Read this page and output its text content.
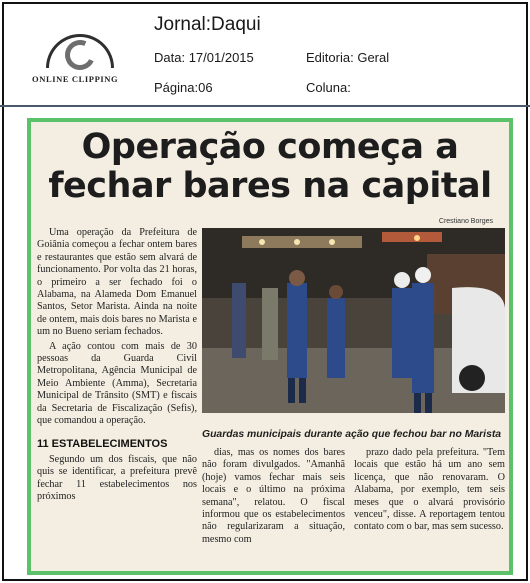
ONLINE CLIPPING
Jornal:Daqui
Data: 17/01/2015	Editoria: Geral
Página:06	Coluna:
Operação começa a fechar bares na capital
Crestiano Borges

Uma operação da Prefeitura de Goiânia começou a fechar ontem bares e restaurantes que estão sem alvará de funcionamento. Por volta das 21 horas, o primeiro a ser fechado foi o Alabama, na Alameda Dom Emanuel Santos, Setor Marista. Ainda na noite de ontem, mais dois bares no Marista e um no Bueno seriam fechados.

A ação contou com mais de 30 pessoas da Guarda Civil Metropolitana, Agência Municipal de Meio Ambiente (Amma), Secretaria Municipal de Trânsito (SMT) e fiscais da Secretaria de Fiscalização (Sefis), que comandou a operação.

11 ESTABELECIMENTOS

Segundo um dos fiscais, que não quis se identificar, a prefeitura prevê fechar 11 estabelecimentos nos próximos

Guardas municipais durante ação que fechou bar no Marista

dias, mas os nomes dos bares não foram divulgados. "Amanhã (hoje) vamos fechar mais seis locais e o último na próxima semana", relatou. O fiscal informou que os estabelecimentos não regularizaram a situação, mesmo com

prazo dado pela prefeitura. "Tem locais que estão há um ano sem licença, que não renovaram. O Alabama, por exemplo, tem seis meses que o alvará provisório venceu", disse. A reportagem tentou contato com o bar, mas sem sucesso.
